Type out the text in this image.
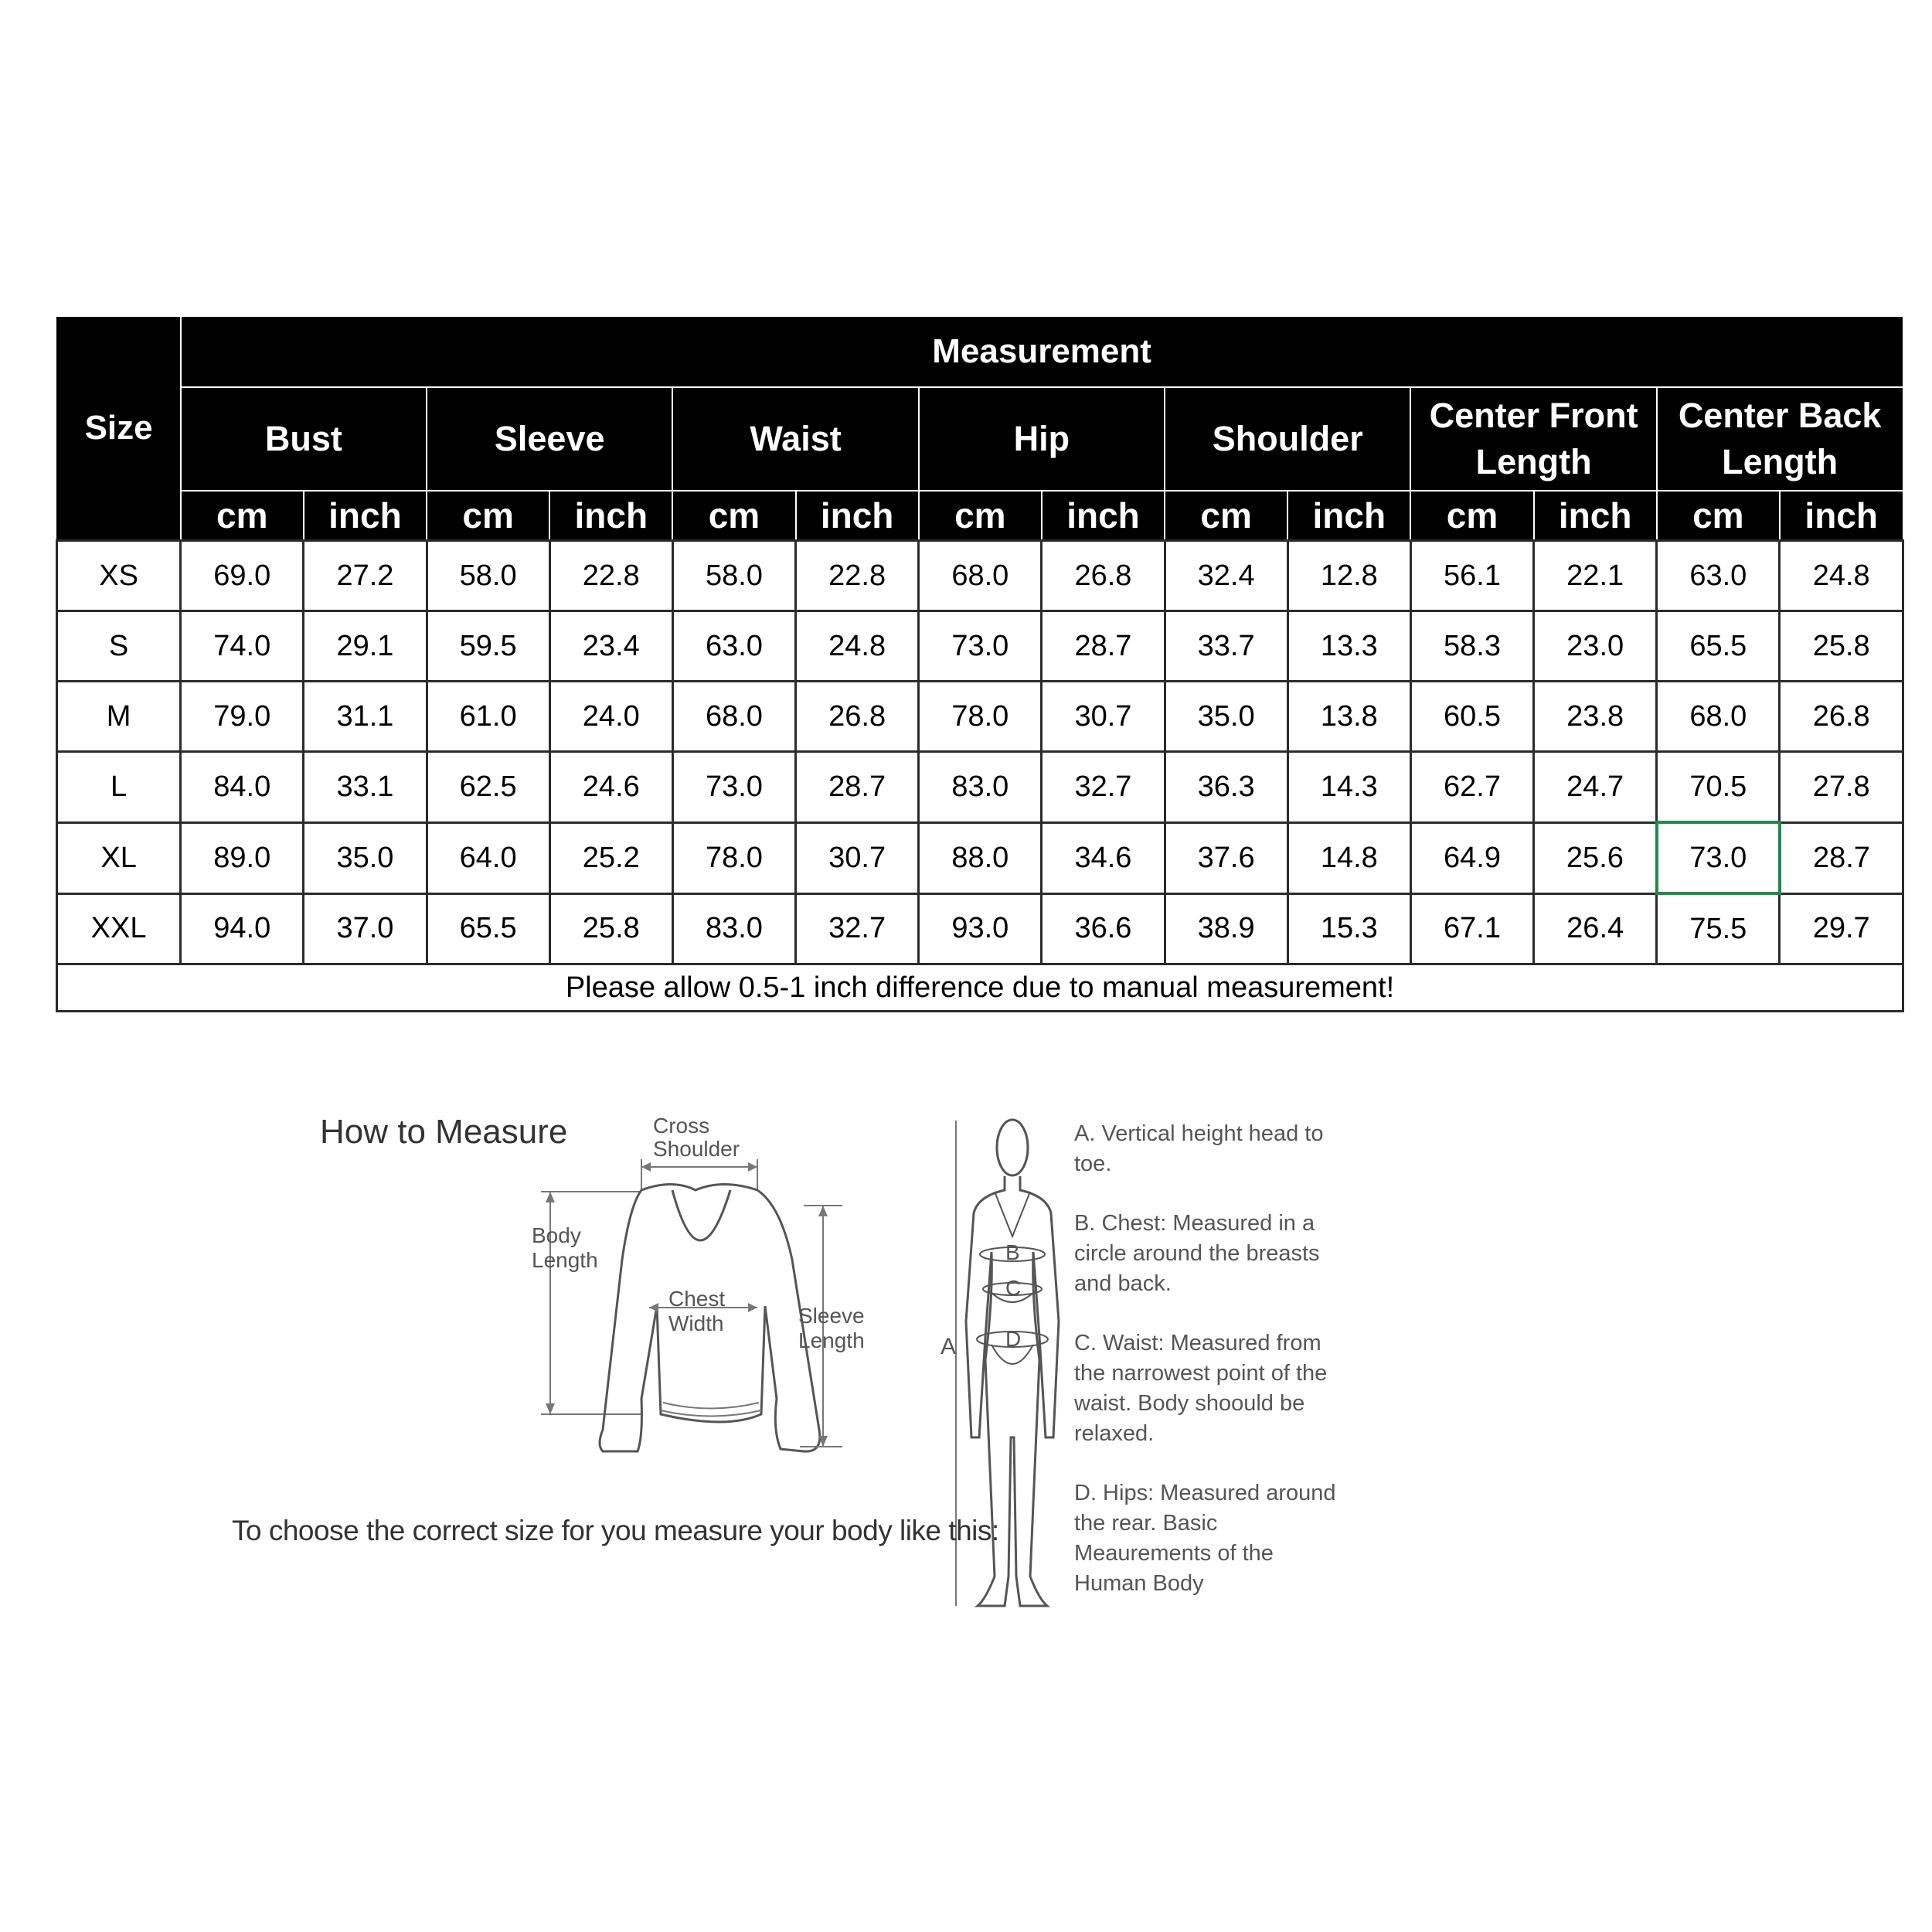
Size	Measurement													
	Bust		Sleeve		Waist		Hip		Shoulder		Center Front Length		Center Back Length	
	cm	inch	cm	inch	cm	inch	cm	inch	cm	inch	cm	inch	cm	inch
XS	69.0	27.2	58.0	22.8	58.0	22.8	68.0	26.8	32.4	12.8	56.1	22.1	63.0	24.8
S	74.0	29.1	59.5	23.4	63.0	24.8	73.0	28.7	33.7	13.3	58.3	23.0	65.5	25.8
M	79.0	31.1	61.0	24.0	68.0	26.8	78.0	30.7	35.0	13.8	60.5	23.8	68.0	26.8
L	84.0	33.1	62.5	24.6	73.0	28.7	83.0	32.7	36.3	14.3	62.7	24.7	70.5	27.8
XL	89.0	35.0	64.0	25.2	78.0	30.7	88.0	34.6	37.6	14.8	64.9	25.6	73.0	28.7
XXL	94.0	37.0	65.5	25.8	83.0	32.7	93.0	36.6	38.9	15.3	67.1	26.4	75.5	29.7
Please allow 0.5-1 inch difference due to manual measurement!														
How to Measure	Cross
Shoulder
Body
Length
Chest
Width	Sleeve
Length	A
B
C
D

A. Vertical height head to toe.

B. Chest: Measured in a circle around the breasts and back.

C. Waist: Measured from the narrowest point of the waist. Body shoould be relaxed.

D. Hips: Measured around the rear. Basic Meaurements of the Human Body

To choose the correct size for you measure your body like this:
